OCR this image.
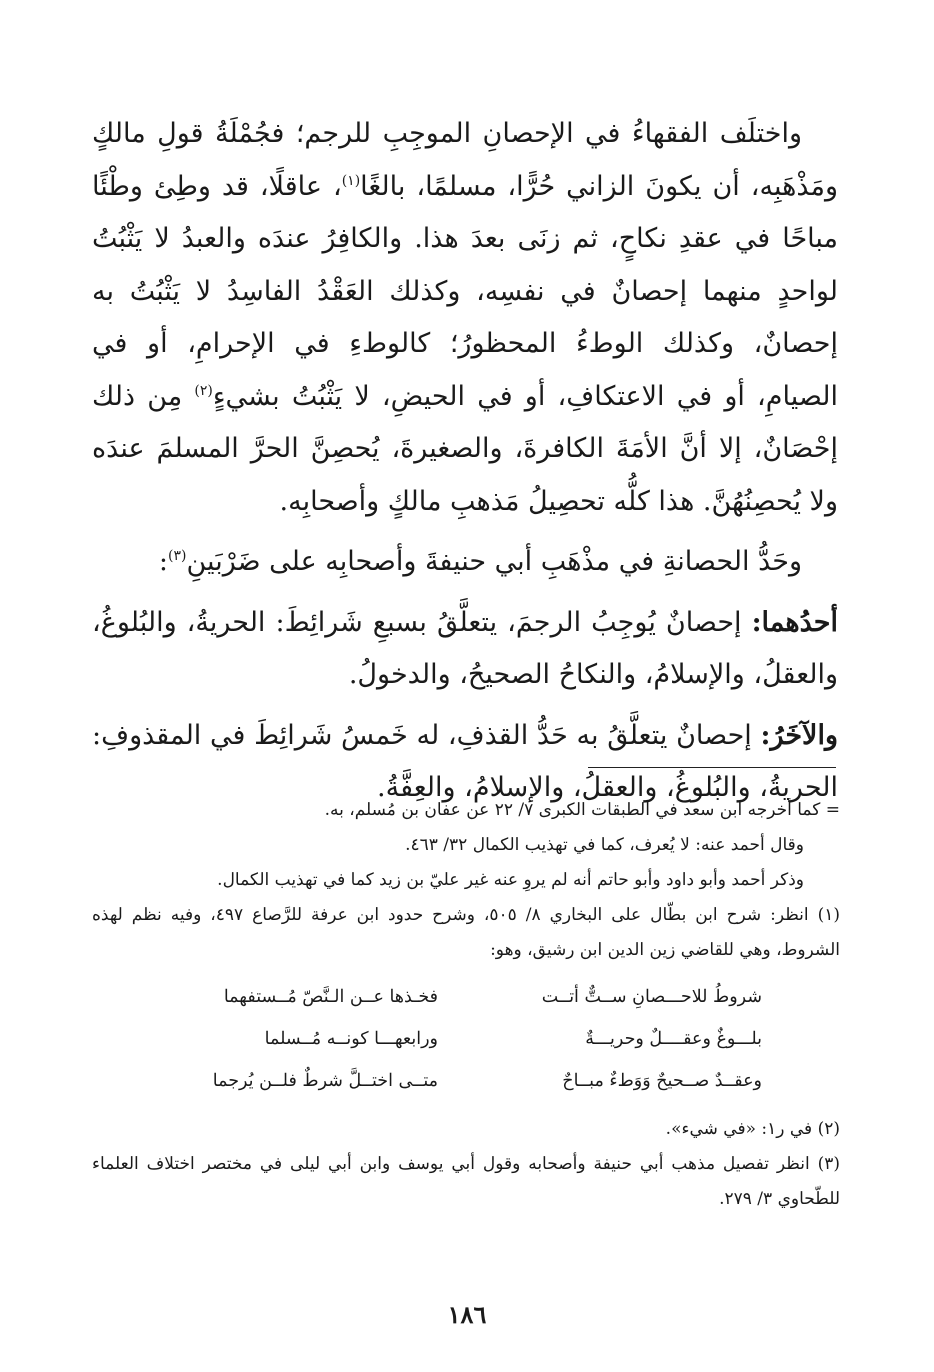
واختلَف الفقهاءُ في الإحصانِ الموجِبِ للرجم؛ فجُمْلَةُ قولِ مالكٍ ومَذْهَبِه، أن يكونَ الزاني حُرًّا، مسلمًا، بالغًا$^{(١)}$، عاقلًا، قد وطِئ وطْئًا مباحًا في عقدِ نكاحٍ، ثم زنَى بعدَ هذا. والكافِرُ عندَه والعبدُ لا يَثْبُتُ لواحدٍ منهما إحصانٌ في نفسِه، وكذلك العَقْدُ الفاسِدُ لا يَثْبُتُ به إحصانٌ، وكذلك الوطءُ المحظورُ؛ كالوطءِ في الإحرامِ، أو في الصيامِ، أو في الاعتكافِ، أو في الحيضِ، لا يَثْبُتُ بشيءٍ$^{(٢)}$ مِن ذلك إحْصَانٌ، إلا أنَّ الأمَةَ الكافرةَ، والصغيرةَ، يُحصِنَّ الحرَّ المسلمَ عندَه ولا يُحصِنُهُنَّ. هذا كلُّه تحصِيلُ مَذهبِ مالكٍ وأصحابِه.

وحَدُّ الحصانةِ في مذْهَبِ أبي حنيفةَ وأصحابِه على ضَرْبَينِ$^{(٣)}$:

أحدُهما: إحصانٌ يُوجِبُ الرجمَ، يتعلَّقُ بسبعِ شَرائِطَ: الحريةُ، والبُلوغُ، والعقلُ، والإسلامُ، والنكاحُ الصحيحُ، والدخولُ.

والآخَرُ: إحصانٌ يتعلَّقُ به حَدُّ القذفِ، له خَمسُ شَرائِطَ في المقذوفِ: الحريةُ، والبُلوغُ، والعقلُ، والإسلامُ، والعِفَّةُ.

= كما أخرجه ابن سعد في الطبقات الكبرى ٧/ ٢٢ عن عفان بن مُسلم، به.

وقال أحمد عنه: لا يُعرف، كما في تهذيب الكمال ٣٢/ ٤٦٣.

وذكر أحمد وأبو داود وأبو حاتم أنه لم يروِ عنه غير عليّ بن زيد كما في تهذيب الكمال.

(١) انظر: شرح ابن بطّال على البخاري ٨/ ٥٠٥، وشرح حدود ابن عرفة للرَّصاع ٤٩٧، وفيه نظم لهذه الشروط، وهي للقاضي زين الدين ابن رشيق، وهو:

شروطُ للاحـــصانِ ســتٌّ أتــت
فخـذها عــن الـنَّصّ مُــستفهما
بلـــوغٌ وعقــــلٌ وحريـــةٌ
ورابعهـــا كونــه مُــسلما
وعقــدٌ صــحيحٌ وَوَطءٌ مبــاحٌ
متــى اختــلَّ شرطٌ فلــن يُرجما

(٢) في ر١: «في شيء».

(٣) انظر تفصيل مذهب أبي حنيفة وأصحابه وقول أبي يوسف وابن أبي ليلى في مختصر اختلاف العلماء للطّحاوي ٣/ ٢٧٩.

١٨٦
